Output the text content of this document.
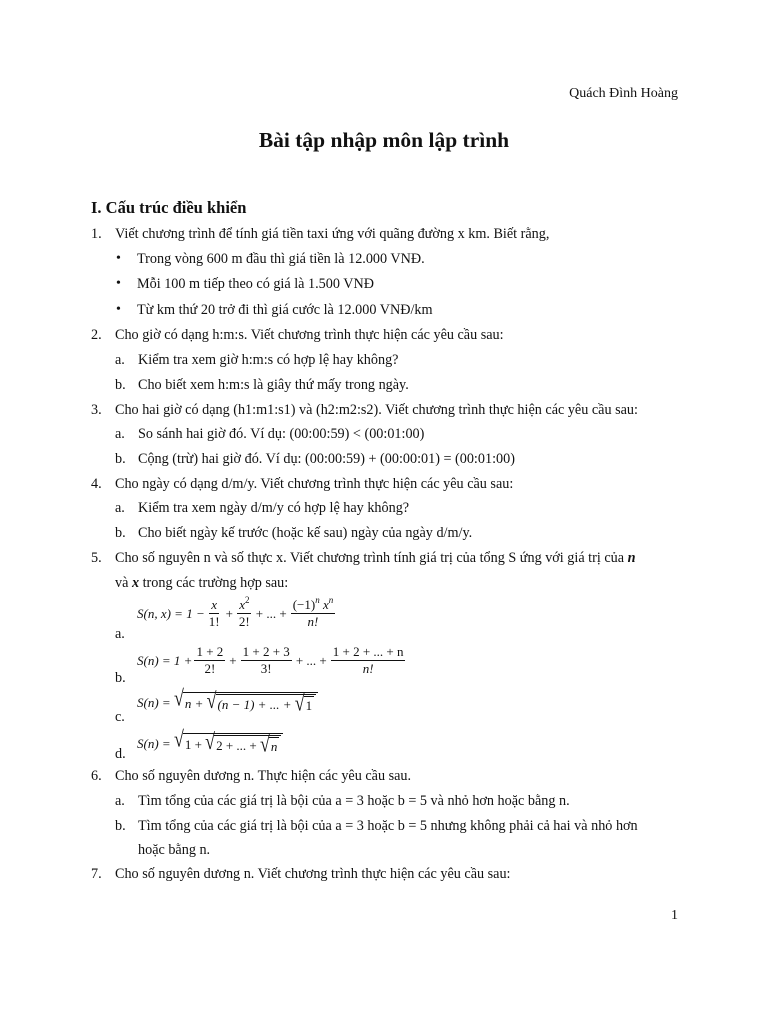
Quách Đình Hoàng
Bài tập nhập môn lập trình
I. Cấu trúc điều khiển
1. Viết chương trình để tính giá tiền taxi ứng với quãng đường x km. Biết rằng,
• Trong vòng 600 m đầu thì giá tiền là 12.000 VNĐ.
• Mỗi 100 m tiếp theo có giá là 1.500 VNĐ
• Từ km thứ 20 trở đi thì giá cước là 12.000 VNĐ/km
2. Cho giờ có dạng h:m:s. Viết chương trình thực hiện các yêu cầu sau:
a. Kiểm tra xem giờ h:m:s có hợp lệ hay không?
b. Cho biết xem h:m:s là giây thứ mấy trong ngày.
3. Cho hai giờ có dạng (h1:m1:s1) và (h2:m2:s2). Viết chương trình thực hiện các yêu cầu sau:
a. So sánh hai giờ đó. Ví dụ: (00:00:59) < (00:01:00)
b. Cộng (trừ) hai giờ đó. Ví dụ: (00:00:59) + (00:00:01) = (00:01:00)
4. Cho ngày có dạng d/m/y. Viết chương trình thực hiện các yêu cầu sau:
a. Kiểm tra xem ngày d/m/y có hợp lệ hay không?
b. Cho biết ngày kế trước (hoặc kế sau) ngày của ngày d/m/y.
5. Cho số nguyên n và số thực x. Viết chương trình tính giá trị của tổng S ứng với giá trị của n
và x trong các trường hợp sau:
a.
S(n, $x) = 1 - \frac{x}{1!} + \frac{x^2}{2!}$ + ... + $\frac{(-1)^n x^n}{n!}$
b.
$S(n) = 1 + \frac{1 + 2}{2!} + \frac{1 + 2 + 3}{3!}$ + ... + $\frac{1 + 2 + ... + n}{n!}$
c.
S(n) =
√ n +
√ (n − 1) + ... +
√ 1
d.
S(n) =
√ 1 +
√ 2 + ... +
√ n
6. Cho số nguyên dương n. Thực hiện các yêu cầu sau.
a. Tìm tổng của các giá trị là bội của a = 3 hoặc b = 5 và nhỏ hơn hoặc bằng n.
b. Tìm tổng của các giá trị là bội của a = 3 hoặc b = 5 nhưng không phải cả hai và nhỏ hơn
hoặc bằng n.
7. Cho số nguyên dương n. Viết chương trình thực hiện các yêu cầu sau:
1
